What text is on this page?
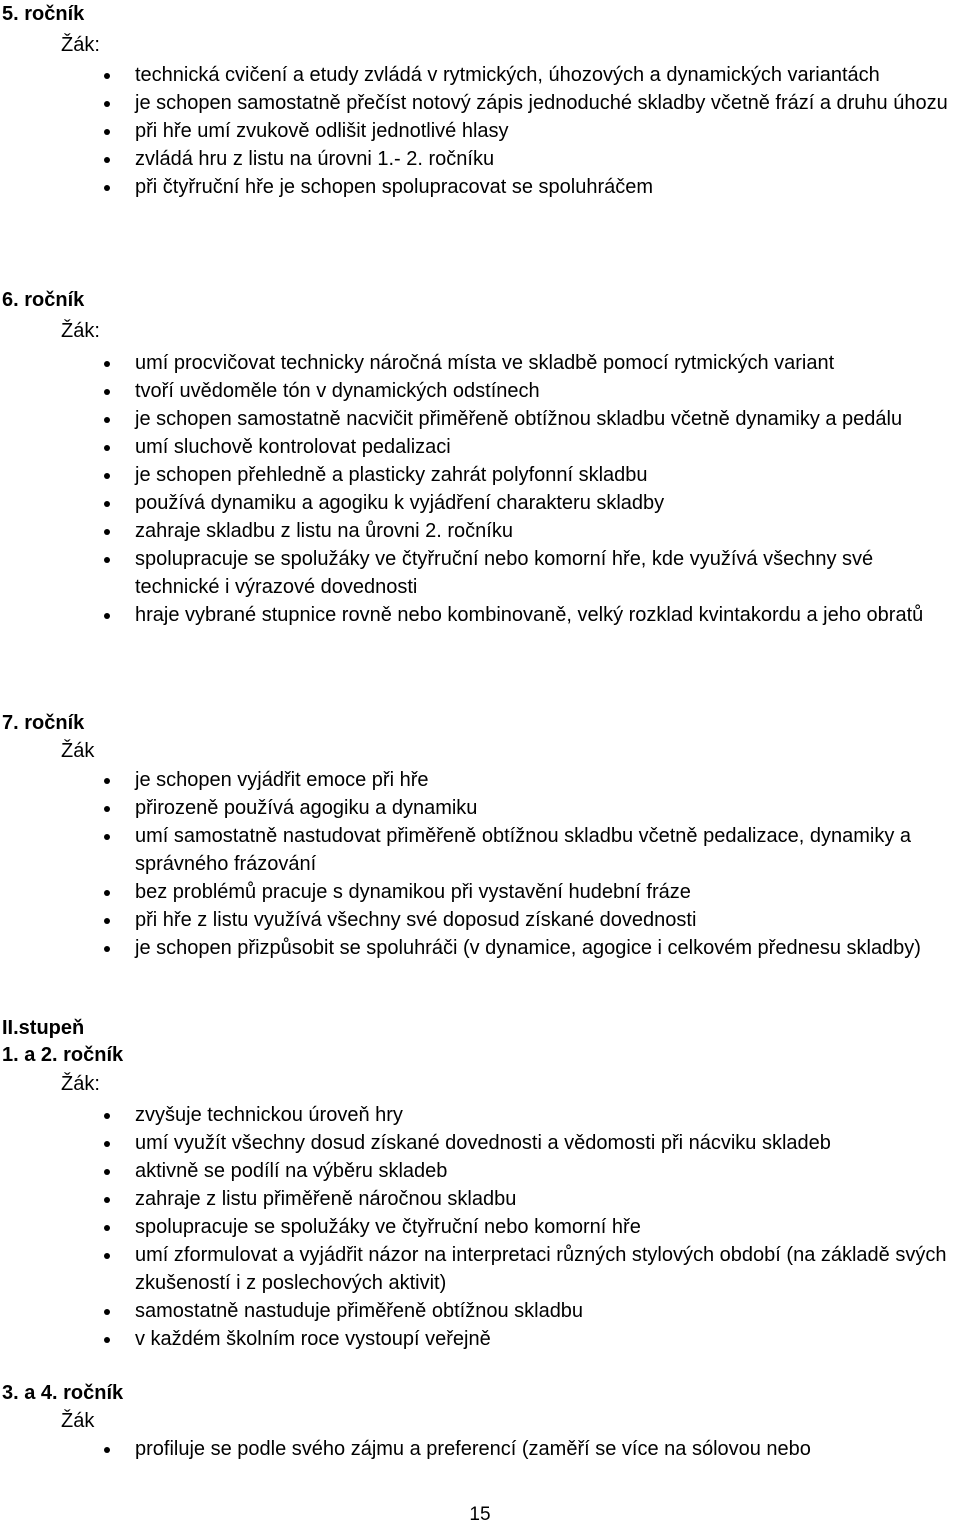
5. ročník
Žák:
technická cvičení a etudy zvládá v rytmických, úhozových a dynamických variantách
je schopen samostatně přečíst notový zápis jednoduché skladby včetně frází a druhu úhozu
při hře umí zvukově odlišit jednotlivé hlasy
zvládá hru z listu na úrovni 1.- 2. ročníku
při čtyřruční hře je schopen spolupracovat se spoluhráčem
6. ročník
Žák:
umí procvičovat technicky náročná místa ve skladbě pomocí rytmických variant
tvoří uvědoměle tón v dynamických odstínech
je schopen samostatně nacvičit přiměřeně obtížnou skladbu včetně dynamiky a pedálu
umí sluchově kontrolovat pedalizaci
je schopen přehledně a plasticky zahrát polyfonní skladbu
používá dynamiku a agogiku k vyjádření charakteru skladby
zahraje skladbu z listu na ůrovni 2. ročníku
spolupracuje se spolužáky ve čtyřruční nebo komorní hře, kde využívá všechny své technické i výrazové dovednosti
hraje vybrané stupnice rovně nebo kombinovaně, velký rozklad kvintakordu a jeho obratů
7. ročník
Žák
je schopen vyjádřit emoce při hře
přirozeně používá agogiku a dynamiku
umí samostatně nastudovat přiměřeně obtížnou skladbu včetně pedalizace, dynamiky a správného frázování
bez problémů pracuje s dynamikou při vystavění hudební fráze
při hře z listu využívá všechny své doposud získané dovednosti
je schopen přizpůsobit se spoluhráči (v dynamice, agogice i celkovém přednesu skladby)
II.stupeň
1. a 2. ročník
Žák:
zvyšuje technickou úroveň hry
umí využít všechny dosud získané dovednosti a vědomosti při nácviku skladeb
aktivně se podílí na výběru skladeb
zahraje z listu přiměřeně náročnou skladbu
spolupracuje se spolužáky ve čtyřruční nebo komorní hře
umí zformulovat a vyjádřit názor na interpretaci různých stylových období (na základě svých zkušeností i z poslechových aktivit)
samostatně nastuduje přiměřeně obtížnou skladbu
v každém školním roce vystoupí veřejně
3. a 4. ročník
Žák
profiluje se podle svého zájmu a preferencí (zaměří se více na sólovou nebo
15
